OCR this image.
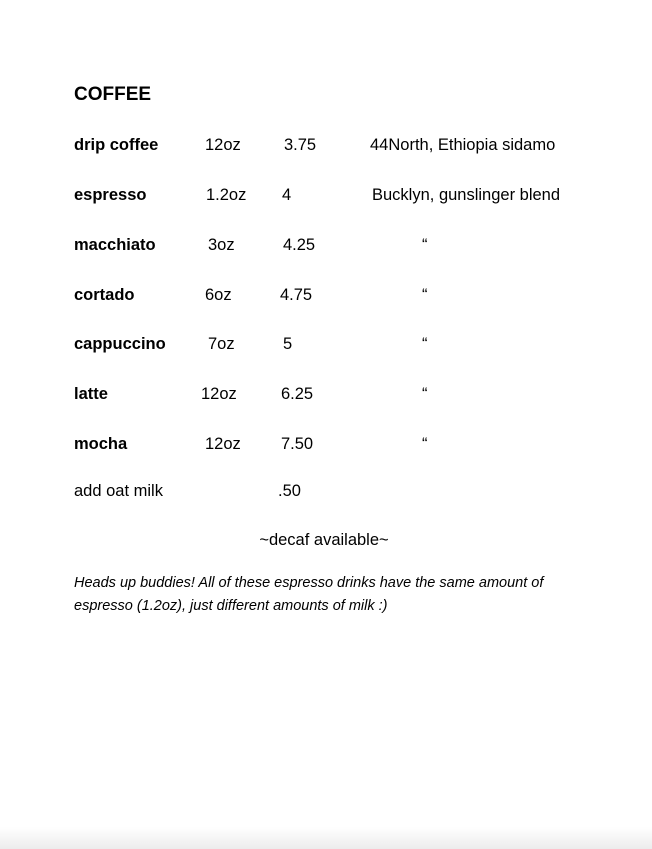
COFFEE
drip coffee	12oz	3.75	44North, Ethiopia sidamo
espresso	1.2oz 4	Bucklyn, gunslinger blend
macchiato	3oz	4.25	“
cortado	6oz	4.75	“
cappuccino	7oz	5	“
latte	12oz	6.25	“
mocha	12oz 7.50	“
add oat milk	.50
~decaf available~
Heads up buddies! All of these espresso drinks have the same amount of espresso (1.2oz), just different amounts of milk :)
